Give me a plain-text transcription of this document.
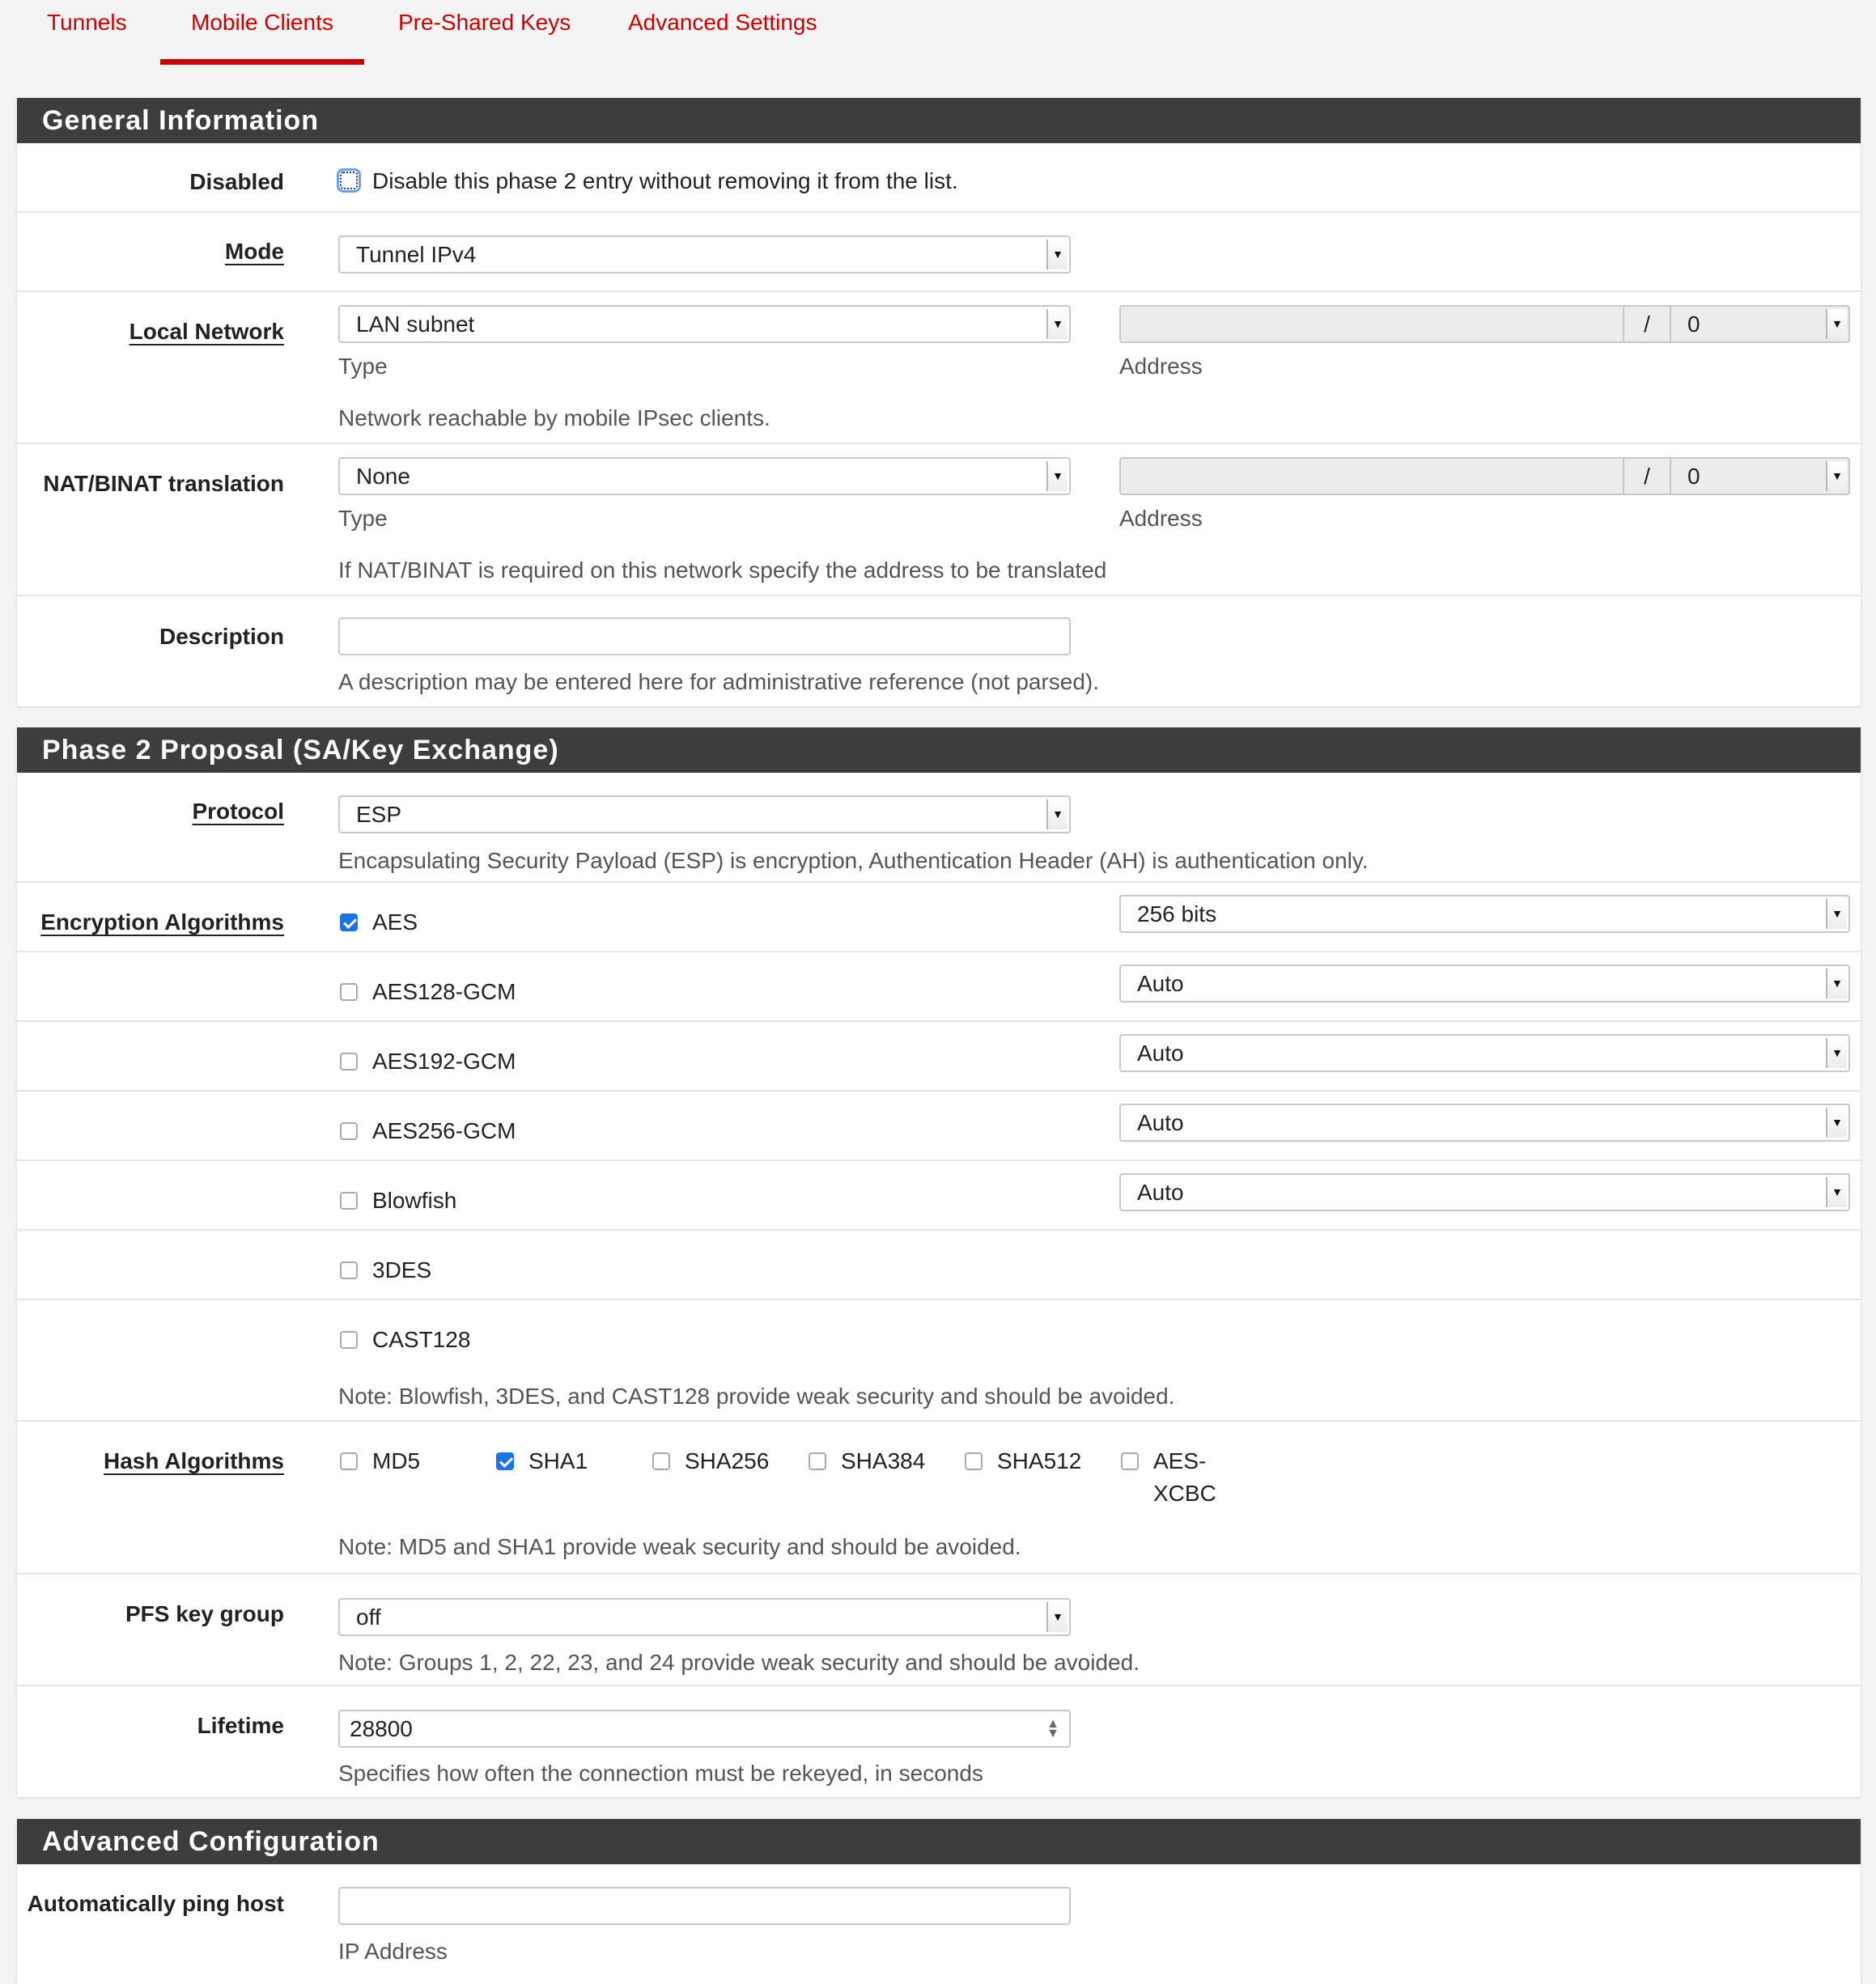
Tunnels	Mobile Clients	Pre-Shared Keys	Advanced Settings
General Information
Disabled	Disable this phase 2 entry without removing it from the list.
Mode	Tunnel IPv4	▼
Local Network	LAN subnet	▼
Type
/	0	▼
Address
Network reachable by mobile IPsec clients.
NAT/BINAT translation	None	▼
Type
/	0	▼
Address
If NAT/BINAT is required on this network specify the address to be translated
Description
A description may be entered here for administrative reference (not parsed).
Phase 2 Proposal (SA/Key Exchange)
Protocol	ESP	▼
Encapsulating Security Payload (ESP) is encryption, Authentication Header (AH) is authentication only.
Encryption Algorithms	AES	256 bits	▼
AES128-GCM	Auto	▼
AES192-GCM	Auto	▼
AES256-GCM	Auto	▼
Blowfish	Auto	▼
3DES
CAST128
Note: Blowfish, 3DES, and CAST128 provide weak security and should be avoided.
Hash Algorithms	MD5	SHA1	SHA256	SHA384	SHA512	AES-
XCBC
Note: MD5 and SHA1 provide weak security and should be avoided.
PFS key group	off	▼
Note: Groups 1, 2, 22, 23, and 24 provide weak security and should be avoided.
Lifetime	28800	▲
▼
Specifies how often the connection must be rekeyed, in seconds
Advanced Configuration
Automatically ping host
IP Address
